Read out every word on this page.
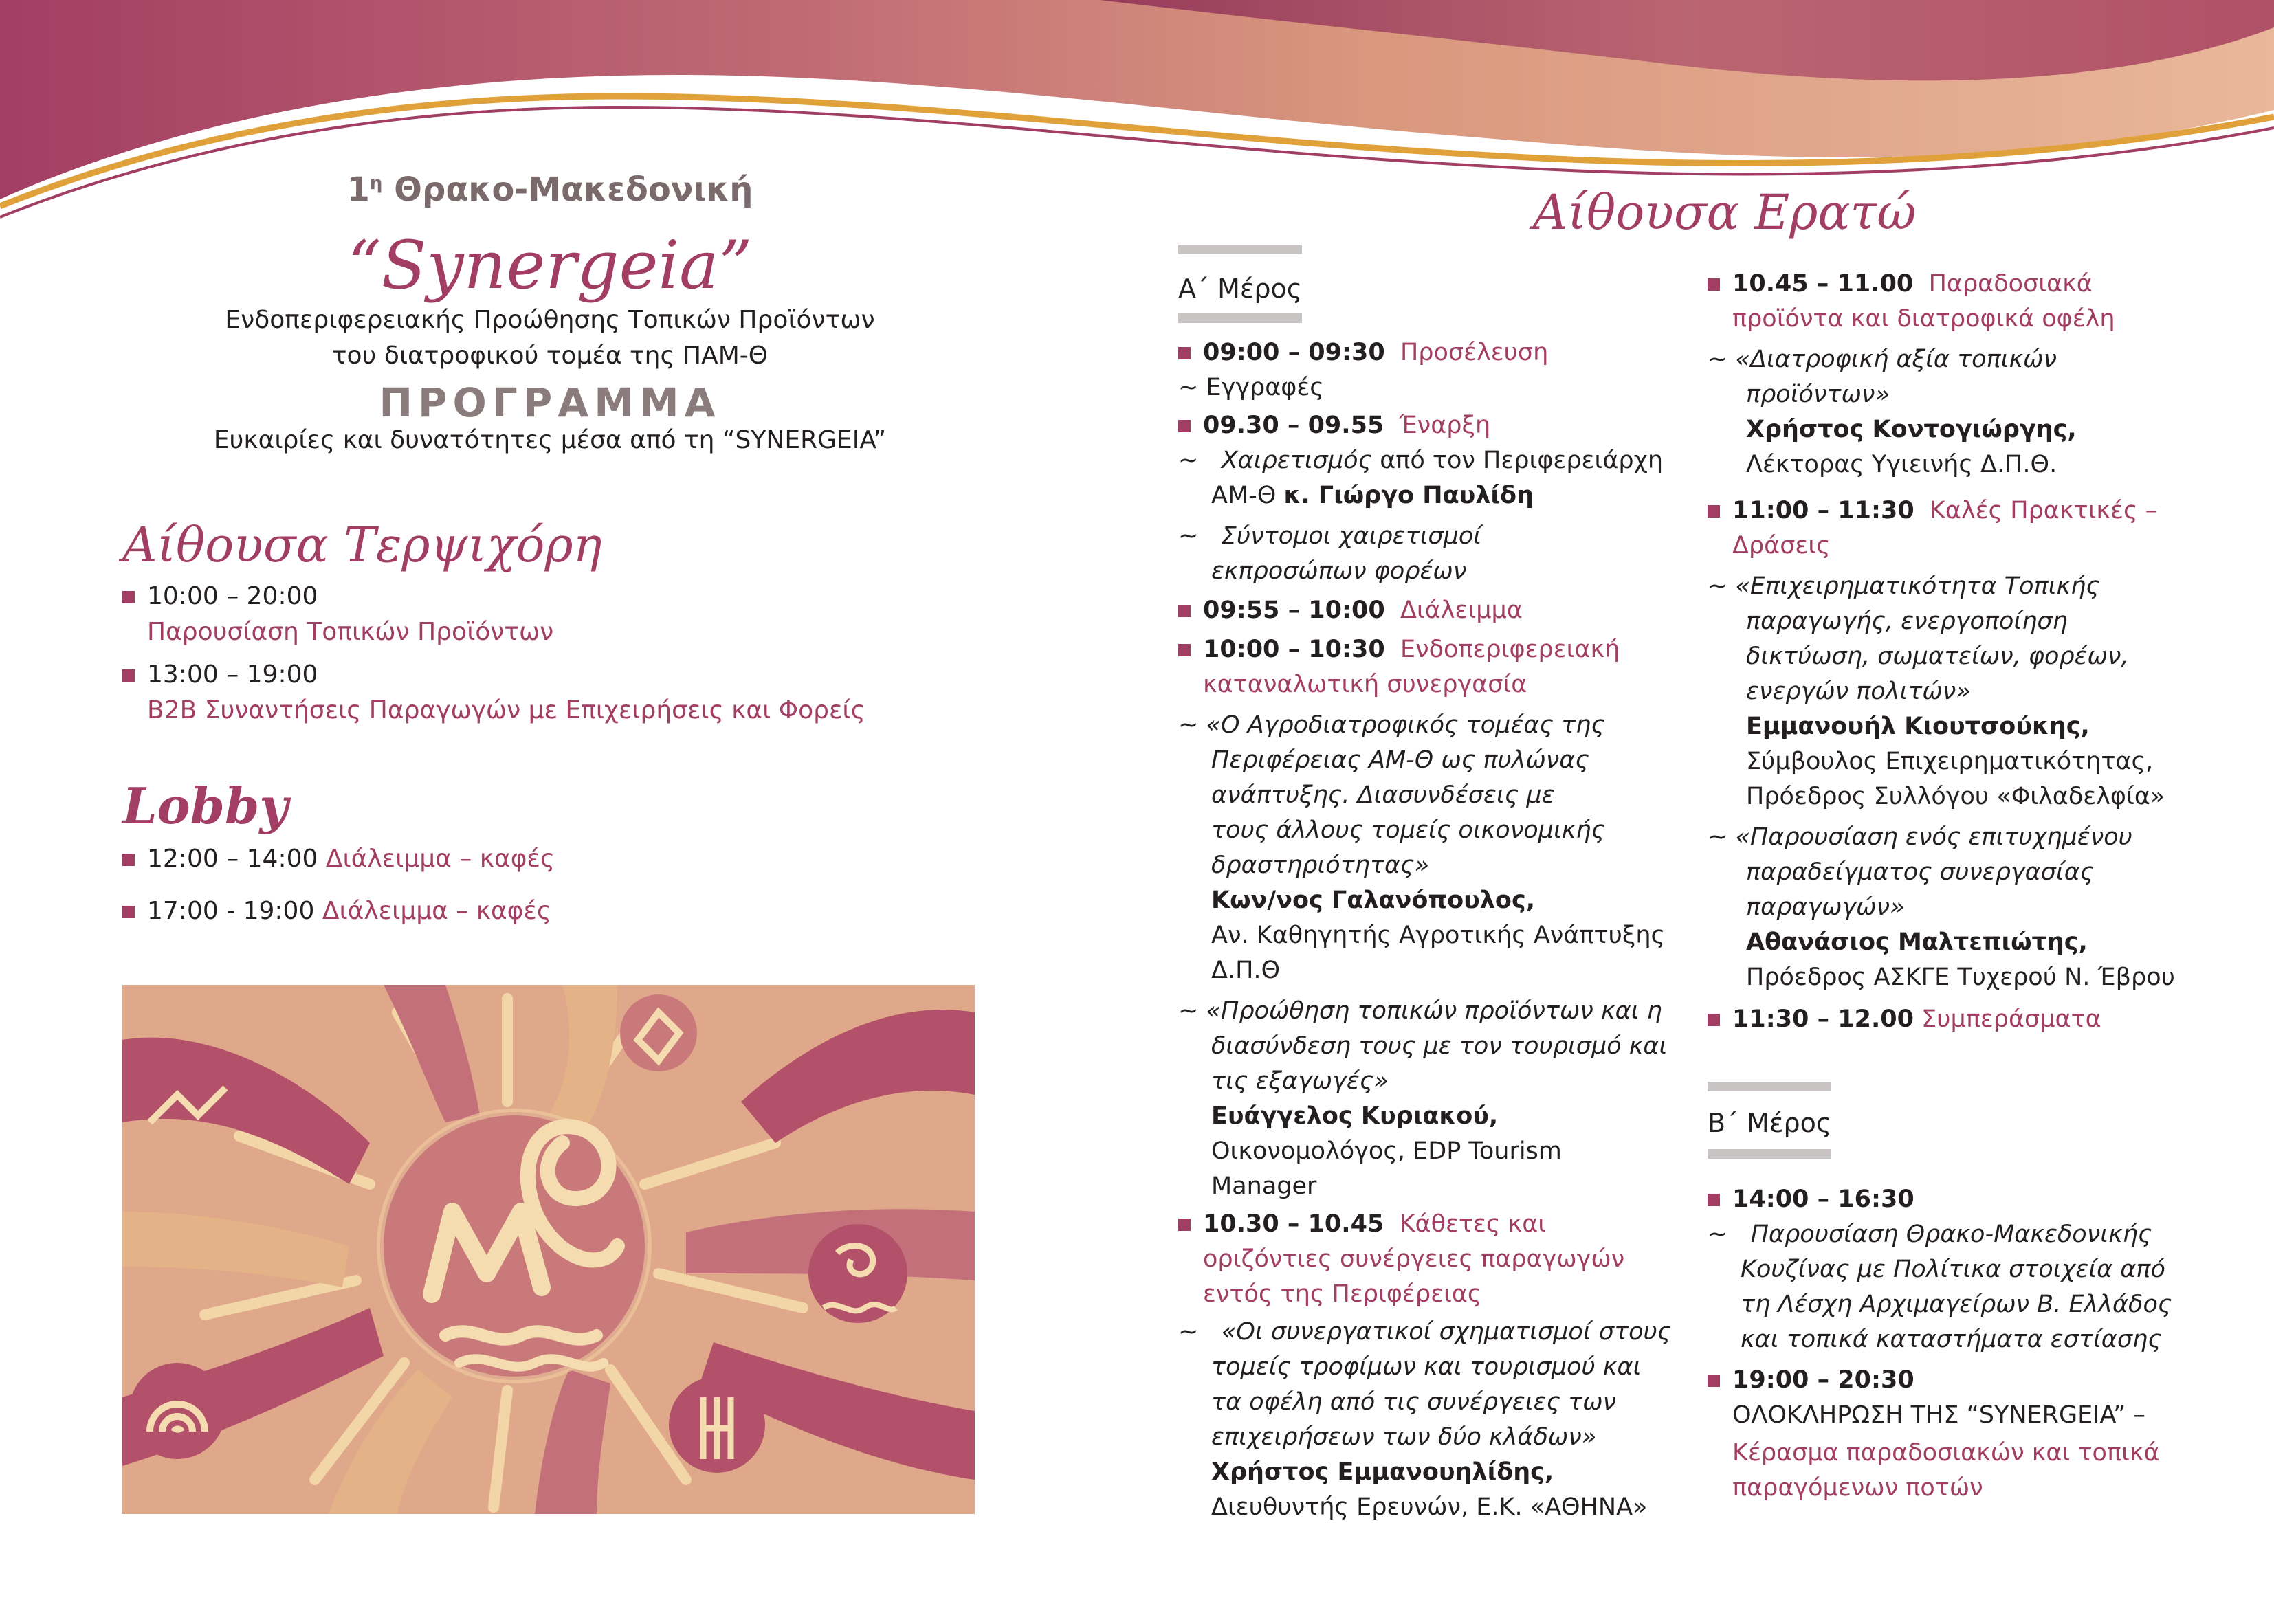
$1^\eta$ Θρακο-Μακεδονική
“Synergeia”
Ενδοπεριφερειακής Προώθησης Τοπικών Προϊόντων
του διατροφικού τομέα της ΠΑΜ-Θ
ΠΡΟΓΡΑΜΜΑ
Ευκαιρίες και δυνατότητες μέσα από τη “SYNERGEIA”
Αίθουσα Τερψιχόρη
10:00 – 20:00
Παρουσίαση Τοπικών Προϊόντων
13:00 – 19:00
Β2Β Συναντήσεις Παραγωγών με Επιχειρήσεις και Φορείς
Lobby
12:00 – 14:00 Διάλειμμα – καφές
17:00 - 19:00 Διάλειμμα – καφές
Αίθουσα Ερατώ
Α΄ Μέρος
09:00 – 09:30 Προσέλευση
~ Εγγραφές
09.30 – 09.55 Έναρξη
~   Χαιρετισμός από τον Περιφερειάρχη
ΑΜ-Θ κ. Γιώργο Παυλίδη
~   Σύντομοι χαιρετισμοί
εκπροσώπων φορέων
09:55 – 10:00 Διάλειμμα
10:00 – 10:30 Ενδοπεριφερειακή
καταναλωτική συνεργασία
~ «Ο Αγροδιατροφικός τομέας της
Περιφέρειας ΑΜ-Θ ως πυλώνας
ανάπτυξης. Διασυνδέσεις με
τους άλλους τομείς οικονομικής
δραστηριότητας»
Κων/νος Γαλανόπουλος,
Αν. Καθηγητής Αγροτικής Ανάπτυξης
Δ.Π.Θ
~ «Προώθηση τοπικών προϊόντων και η
διασύνδεση τους με τον τουρισμό και
τις εξαγωγές»
Ευάγγελος Κυριακού,
Οικονομολόγος, EDP Tourism
Manager
10.30 – 10.45 Κάθετες και
οριζόντιες συνέργειες παραγωγών
εντός της Περιφέρειας
~   «Οι συνεργατικοί σχηματισμοί στους
τομείς τροφίμων και τουρισμού και
τα οφέλη από τις συνέργειες των
επιχειρήσεων των δύο κλάδων»
Χρήστος Εμμανουηλίδης,
Διευθυντής Ερευνών, Ε.Κ. «ΑΘΗΝΑ»
10.45 – 11.00 Παραδοσιακά
προϊόντα και διατροφικά οφέλη
~ «Διατροφική αξία τοπικών
προϊόντων»
Χρήστος Κοντογιώργης,
Λέκτορας Υγιεινής Δ.Π.Θ.
11:00 – 11:30 Καλές Πρακτικές –
Δράσεις
~ «Επιχειρηματικότητα Τοπικής
παραγωγής, ενεργοποίηση
δικτύωση, σωματείων, φορέων,
ενεργών πολιτών»
Εμμανουήλ Κιουτσούκης,
Σύμβουλος Επιχειρηματικότητας,
Πρόεδρος Συλλόγου «Φιλαδελφία»
~ «Παρουσίαση ενός επιτυχημένου
παραδείγματος συνεργασίας
παραγωγών»
Αθανάσιος Μαλτεπιώτης,
Πρόεδρος ΑΣΚΓΕ Τυχερού Ν. Έβρου
11:30 – 12.00 Συμπεράσματα
Β΄ Μέρος
14:00 – 16:30
~   Παρουσίαση Θρακο-Μακεδονικής
Κουζίνας με Πολίτικα στοιχεία από
τη Λέσχη Αρχιμαγείρων Β. Ελλάδος
και τοπικά καταστήματα εστίασης
19:00 – 20:30
ΟΛΟΚΛΗΡΩΣΗ ΤΗΣ “SYNERGEIA” –
Κέρασμα παραδοσιακών και τοπικά
παραγόμενων ποτών
